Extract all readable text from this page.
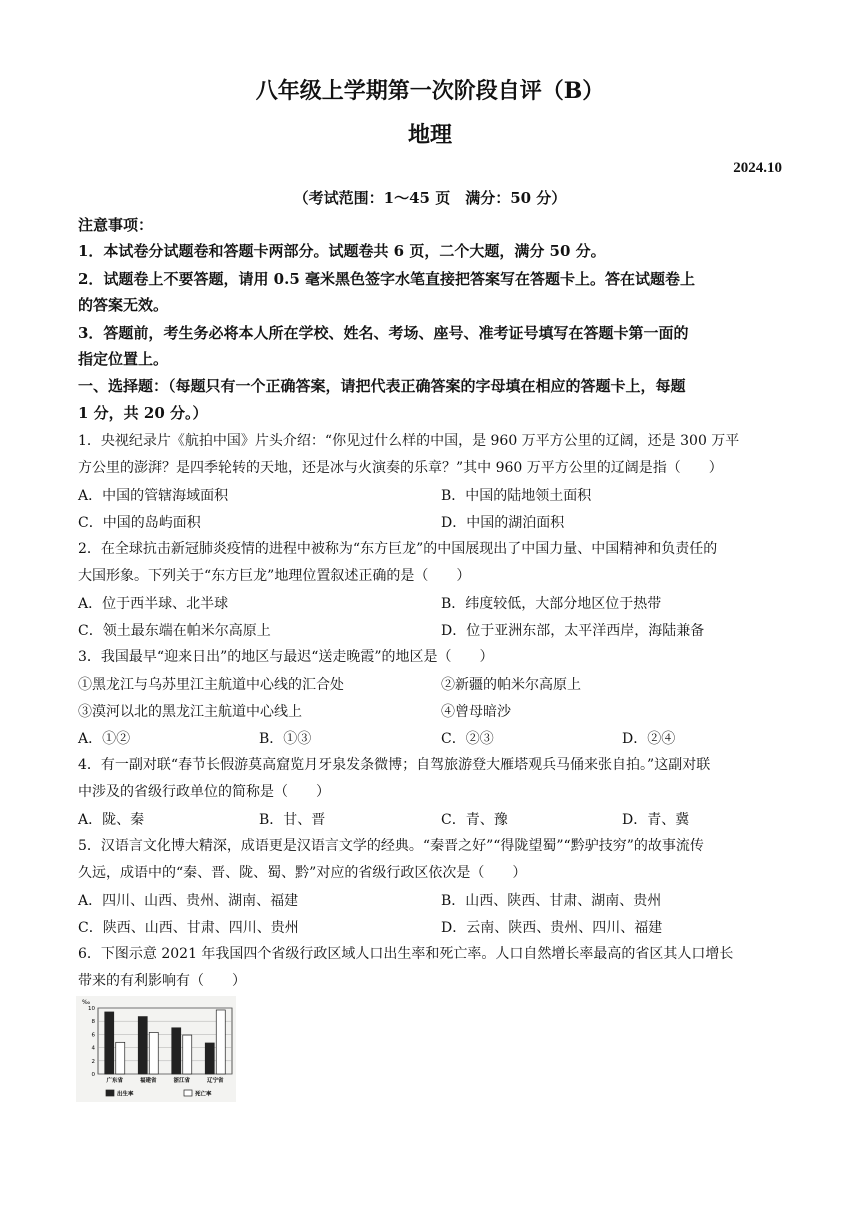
八年级上学期第一次阶段自评（B）
地理
2024.10
（考试范围：1～45 页　满分：50 分）
注意事项：
1．本试卷分试题卷和答题卡两部分。试题卷共 6 页，二个大题，满分 50 分。
2．试题卷上不要答题，请用 0.5 毫米黑色签字水笔直接把答案写在答题卡上。答在试题卷上
的答案无效。
3．答题前，考生务必将本人所在学校、姓名、考场、座号、准考证号填写在答题卡第一面的
指定位置上。
一、选择题：（每题只有一个正确答案，请把代表正确答案的字母填在相应的答题卡上，每题
1 分，共 20 分。）
1．央视纪录片《航拍中国》片头介绍：“你见过什么样的中国，是 960 万平方公里的辽阔，还是 300 万平
方公里的澎湃？是四季轮转的天地，还是冰与火演奏的乐章？”其中 960 万平方公里的辽阔是指（　　）
A．中国的管辖海域面积	B．中国的陆地领土面积
C．中国的岛屿面积	D．中国的湖泊面积
2．在全球抗击新冠肺炎疫情的进程中被称为“东方巨龙”的中国展现出了中国力量、中国精神和负责任的
大国形象。下列关于“东方巨龙”地理位置叙述正确的是（　　）
A．位于西半球、北半球	B．纬度较低，大部分地区位于热带
C．领土最东端在帕米尔高原上	D．位于亚洲东部，太平洋西岸，海陆兼备
3．我国最早“迎来日出”的地区与最迟“送走晚霞”的地区是（　　）
①黑龙江与乌苏里江主航道中心线的汇合处	②新疆的帕米尔高原上
③漠河以北的黑龙江主航道中心线上	④曾母暗沙
A．①②	B．①③	C．②③	D．②④
4．有一副对联“春节长假游莫高窟览月牙泉发条微博；自驾旅游登大雁塔观兵马俑来张自拍。”这副对联
中涉及的省级行政单位的简称是（　　）
A．陇、秦	B．甘、晋	C．青、豫	D．青、冀
5．汉语言文化博大精深，成语更是汉语言文学的经典。“秦晋之好”“得陇望蜀”“黔驴技穷”的故事流传
久远，成语中的“秦、晋、陇、蜀、黔”对应的省级行政区依次是（　　）
A．四川、山西、贵州、湖南、福建	B．山西、陕西、甘肃、湖南、贵州
C．陕西、山西、甘肃、四川、贵州	D．云南、陕西、贵州、四川、福建
6．下图示意 2021 年我国四个省级行政区域人口出生率和死亡率。人口自然增长率最高的省区其人口增长
带来的有利影响有（　　）
‰
0
2
4
6
8
10
广东省	福建省	浙江省	辽宁省
出生率	死亡率
